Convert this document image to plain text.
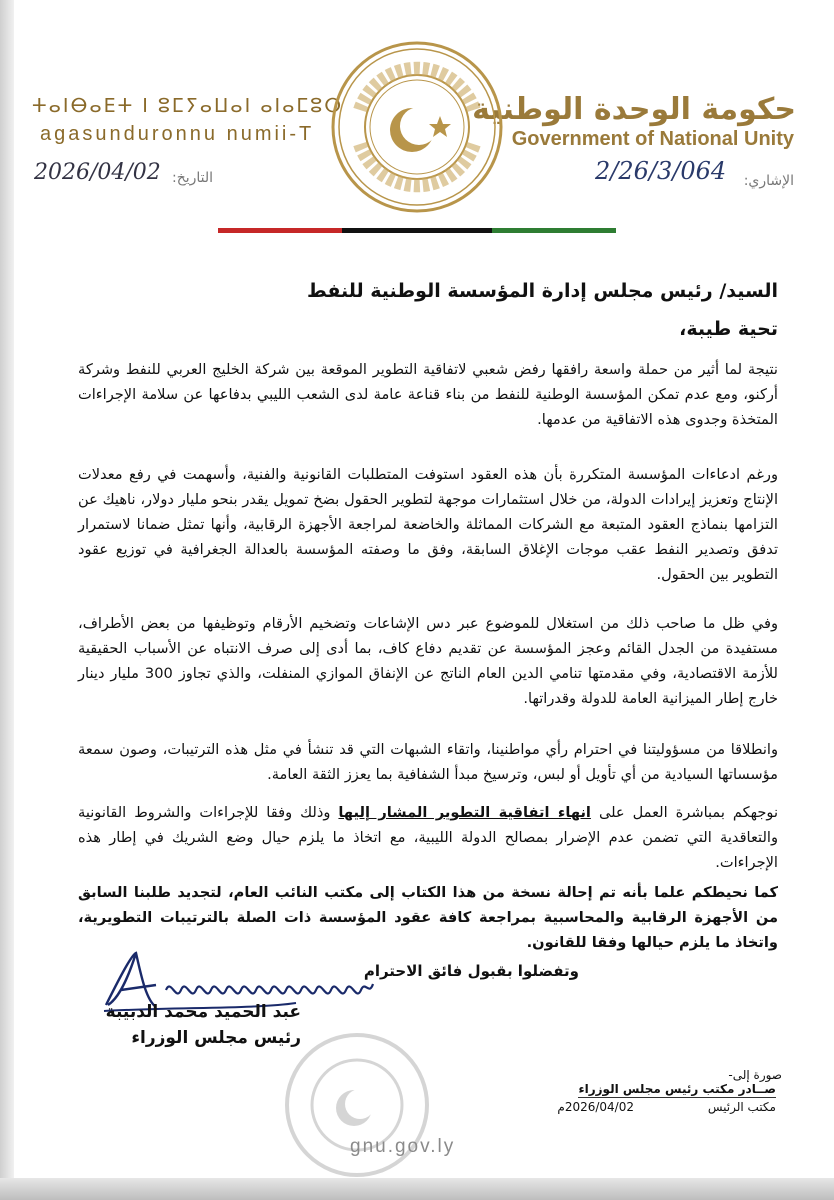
ⵜⴰⵏⴱⴰⴹⵜ ⵏ ⵓⵎⵢⴰⵡⴰⵏ ⴰⵏⴰⵎⵓⵔ
agasunduronnu numii-T
حكومة الوحدة الوطنية
Government of National Unity
التاريخ:
2026/04/02	الإشاري:
2/26/3/064
السيد/ رئيس مجلس إدارة المؤسسة الوطنية للنفط
تحية طيبة،
نتيجة لما أثير من حملة واسعة رافقها رفض شعبي لاتفاقية التطوير الموقعة بين شركة الخليج العربي للنفط وشركة أركنو، ومع عدم تمكن المؤسسة الوطنية للنفط من بناء قناعة عامة لدى الشعب الليبي بدفاعها عن سلامة الإجراءات المتخذة وجدوى هذه الاتفاقية من عدمها.
ورغم ادعاءات المؤسسة المتكررة بأن هذه العقود استوفت المتطلبات القانونية والفنية، وأسهمت في رفع معدلات الإنتاج وتعزيز إيرادات الدولة، من خلال استثمارات موجهة لتطوير الحقول بضخ تمويل يقدر بنحو مليار دولار، ناهيك عن التزامها بنماذج العقود المتبعة مع الشركات المماثلة والخاضعة لمراجعة الأجهزة الرقابية، وأنها تمثل ضمانا لاستمرار تدفق وتصدير النفط عقب موجات الإغلاق السابقة، وفق ما وصفته المؤسسة بالعدالة الجغرافية في توزيع عقود التطوير بين الحقول.
وفي ظل ما صاحب ذلك من استغلال للموضوع عبر دس الإشاعات وتضخيم الأرقام وتوظيفها من بعض الأطراف، مستفيدة من الجدل القائم وعجز المؤسسة عن تقديم دفاع كاف، بما أدى إلى صرف الانتباه عن الأسباب الحقيقية للأزمة الاقتصادية، وفي مقدمتها تنامي الدين العام الناتج عن الإنفاق الموازي المنفلت، والذي تجاوز 300 مليار دينار خارج إطار الميزانية العامة للدولة وقدراتها.
وانطلاقا من مسؤوليتنا في احترام رأي مواطنينا، واتقاء الشبهات التي قد تنشأ في مثل هذه الترتيبات، وصون سمعة مؤسساتها السيادية من أي تأويل أو لبس، وترسيخ مبدأ الشفافية بما يعزز الثقة العامة.
نوجهكم بمباشرة العمل على انهاء اتفاقية التطوير المشار إليها وذلك وفقا للإجراءات والشروط القانونية والتعاقدية التي تضمن عدم الإضرار بمصالح الدولة الليبية، مع اتخاذ ما يلزم حيال وضع الشريك في إطار هذه الإجراءات.
كما نحيطكم علما بأنه تم إحالة نسخة من هذا الكتاب إلى مكتب النائب العام، لتجديد طلبنا السابق من الأجهزة الرقابية والمحاسبية بمراجعة كافة عقود المؤسسة ذات الصلة بالترتيبات التطويرية، واتخاذ ما يلزم حيالها وفقا للقانون.
وتفضلوا بقبول فائق الاحترام
عبد الحميد محمد الدبيبة
رئيس مجلس الوزراء
صورة إلى-
صــادر مكتب رئيس مجلس الوزراء
2026/04/02م	مكتب الرئيس
gnu.gov.ly
